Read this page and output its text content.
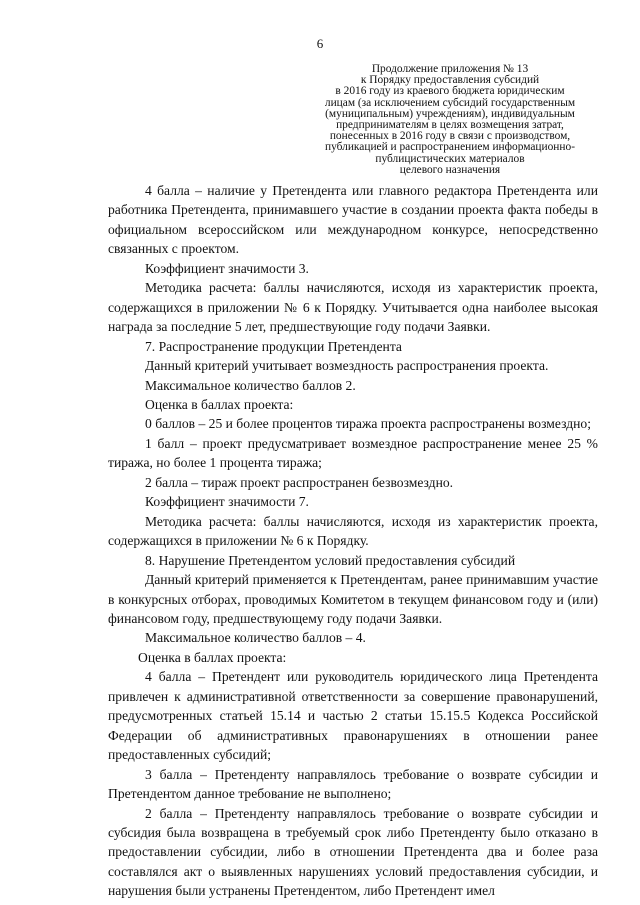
6
Продолжение приложения № 13
к Порядку предоставления субсидий
в 2016 году из краевого бюджета юридическим
лицам (за исключением субсидий государственным
(муниципальным) учреждениям), индивидуальным
предпринимателям в целях возмещения затрат,
понесенных в 2016 году в связи с производством,
публикацией и распространением информационно-
публицистических материалов
целевого назначения

4 балла – наличие у Претендента или главного редактора Претендента или работника Претендента, принимавшего участие в создании проекта факта победы в официальном всероссийском или международном конкурсе, непосредственно связанных с проектом.

Коэффициент значимости 3.

Методика расчета: баллы начисляются, исходя из характеристик проекта, содержащихся в приложении № 6 к Порядку. Учитывается одна наиболее высокая награда за последние 5 лет, предшествующие году подачи Заявки.

7. Распространение продукции Претендента

Данный критерий учитывает возмездность распространения проекта.

Максимальное количество баллов 2.

Оценка в баллах проекта:

0 баллов – 25 и более процентов тиража проекта распространены возмездно;

1 балл – проект предусматривает возмездное распространение менее 25 % тиража, но более 1 процента тиража;

2 балла – тираж проект распространен безвозмездно.

Коэффициент значимости 7.

Методика расчета: баллы начисляются, исходя из характеристик проекта, содержащихся в приложении № 6 к Порядку.

8. Нарушение Претендентом условий предоставления субсидий

Данный критерий применяется к Претендентам, ранее принимавшим участие в конкурсных отборах, проводимых Комитетом в текущем финансовом году и (или) финансовом году, предшествующему году подачи Заявки.

Максимальное количество баллов – 4.

Оценка в баллах проекта:

4 балла – Претендент или руководитель юридического лица Претендента привлечен к административной ответственности за совершение правонарушений, предусмотренных статьей 15.14 и частью 2 статьи 15.15.5 Кодекса Российской Федерации об административных правонарушениях в отношении ранее предоставленных субсидий;

3 балла – Претенденту направлялось требование о возврате субсидии и Претендентом данное требование не выполнено;

2 балла – Претенденту направлялось требование о возврате субсидии и субсидия была возвращена в требуемый срок либо Претенденту было отказано в предоставлении субсидии, либо в отношении Претендента два и более раза составлялся акт о выявленных нарушениях условий предоставления субсидии, и нарушения были устранены Претендентом, либо Претендент имел
